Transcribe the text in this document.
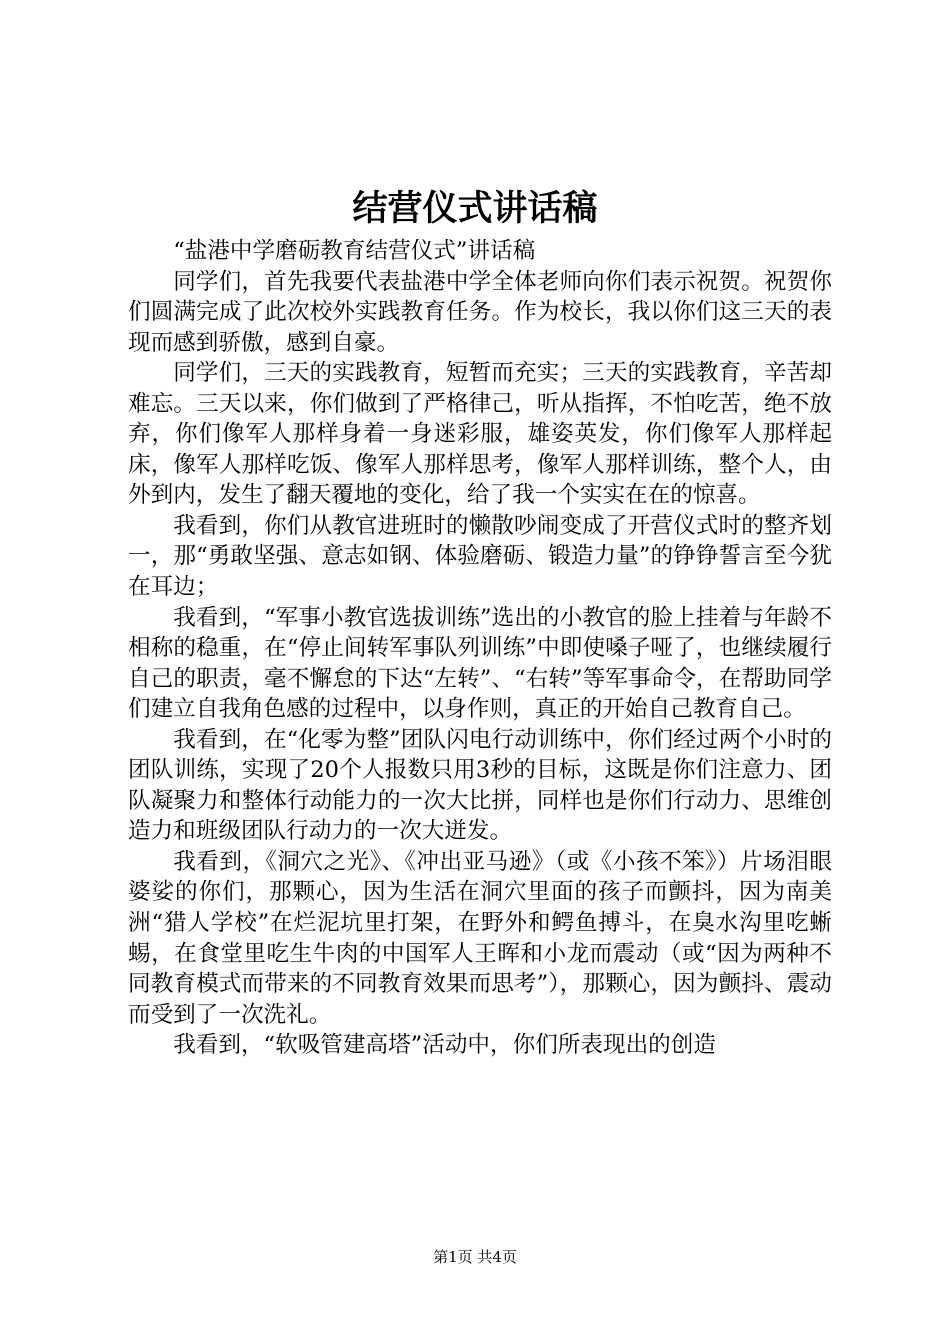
结营仪式讲话稿

“盐港中学磨砺教育结营仪式”讲话稿

同学们，首先我要代表盐港中学全体老师向你们表示祝贺。祝贺你们圆满完成了此次校外实践教育任务。作为校长，我以你们这三天的表现而感到骄傲，感到自豪。

同学们，三天的实践教育，短暂而充实；三天的实践教育，辛苦却难忘。三天以来，你们做到了严格律己，听从指挥，不怕吃苦，绝不放弃，你们像军人那样身着一身迷彩服，雄姿英发，你们像军人那样起床，像军人那样吃饭、像军人那样思考，像军人那样训练，整个人，由外到内，发生了翻天覆地的变化，给了我一个实实在在的惊喜。

我看到，你们从教官进班时的懒散吵闹变成了开营仪式时的整齐划一，那“勇敢坚强、意志如钢、体验磨砺、锻造力量”的铮铮誓言至今犹在耳边；

我看到，“军事小教官选拔训练”选出的小教官的脸上挂着与年龄不相称的稳重，在“停止间转军事队列训练”中即使嗓子哑了，也继续履行自己的职责，毫不懈怠的下达“左转”、“右转”等军事命令，在帮助同学们建立自我角色感的过程中，以身作则，真正的开始自己教育自己。

我看到，在“化零为整”团队闪电行动训练中，你们经过两个小时的团队训练，实现了20个人报数只用3秒的目标，这既是你们注意力、团队凝聚力和整体行动能力的一次大比拼，同样也是你们行动力、思维创造力和班级团队行动力的一次大迸发。

我看到，《洞穴之光》、《冲出亚马逊》（或《小孩不笨》）片场泪眼婆娑的你们，那颗心，因为生活在洞穴里面的孩子而颤抖，因为南美洲“猎人学校”在烂泥坑里打架，在野外和鳄鱼搏斗，在臭水沟里吃蜥蜴，在食堂里吃生牛肉的中国军人王晖和小龙而震动（或“因为两种不同教育模式而带来的不同教育效果而思考”），那颗心，因为颤抖、震动而受到了一次洗礼。

我看到，“软吸管建高塔”活动中，你们所表现出的创造

第1页 共4页
